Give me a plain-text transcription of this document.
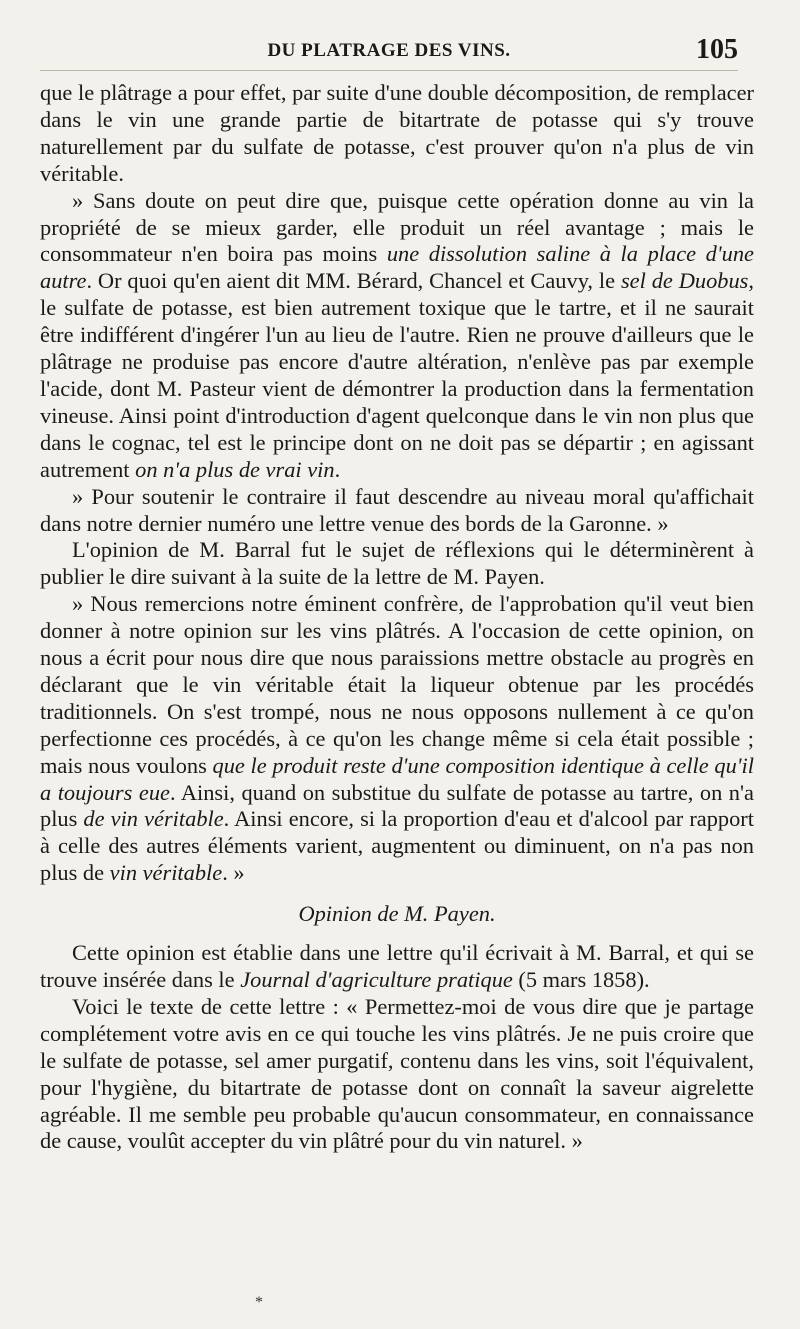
DU PLATRAGE DES VINS.	105

que le plâtrage a pour effet, par suite d'une double décomposition, de remplacer dans le vin une grande partie de bitartrate de potasse qui s'y trouve naturellement par du sulfate de potasse, c'est prouver qu'on n'a plus de vin véritable.

» Sans doute on peut dire que, puisque cette opération donne au vin la propriété de se mieux garder, elle produit un réel avantage ; mais le consommateur n'en boira pas moins une dissolution saline à la place d'une autre. Or quoi qu'en aient dit MM. Bérard, Chancel et Cauvy, le sel de Duobus, le sulfate de potasse, est bien autrement toxique que le tartre, et il ne saurait être indifférent d'ingérer l'un au lieu de l'autre. Rien ne prouve d'ailleurs que le plâtrage ne produise pas encore d'autre altération, n'enlève pas par exemple l'acide, dont M. Pasteur vient de démontrer la production dans la fermentation vineuse. Ainsi point d'introduction d'agent quelconque dans le vin non plus que dans le cognac, tel est le principe dont on ne doit pas se départir ; en agissant autrement on n'a plus de vrai vin.

» Pour soutenir le contraire il faut descendre au niveau moral qu'affichait dans notre dernier numéro une lettre venue des bords de la Garonne. »

L'opinion de M. Barral fut le sujet de réflexions qui le déterminèrent à publier le dire suivant à la suite de la lettre de M. Payen.

» Nous remercions notre éminent confrère, de l'approbation qu'il veut bien donner à notre opinion sur les vins plâtrés. A l'occasion de cette opinion, on nous a écrit pour nous dire que nous paraissions mettre obstacle au progrès en déclarant que le vin véritable était la liqueur obtenue par les procédés traditionnels. On s'est trompé, nous ne nous opposons nullement à ce qu'on perfectionne ces procédés, à ce qu'on les change même si cela était possible ; mais nous voulons que le produit reste d'une composition identique à celle qu'il a toujours eue. Ainsi, quand on substitue du sulfate de potasse au tartre, on n'a plus de vin véritable. Ainsi encore, si la proportion d'eau et d'alcool par rapport à celle des autres éléments varient, augmentent ou diminuent, on n'a pas non plus de vin véritable. »

Opinion de M. Payen.

Cette opinion est établie dans une lettre qu'il écrivait à M. Barral, et qui se trouve insérée dans le Journal d'agriculture pratique (5 mars 1858).

Voici le texte de cette lettre : « Permettez-moi de vous dire que je partage complétement votre avis en ce qui touche les vins plâtrés. Je ne puis croire que le sulfate de potasse, sel amer purgatif, contenu dans les vins, soit l'équivalent, pour l'hygiène, du bitartrate de potasse dont on connaît la saveur aigrelette agréable. Il me semble peu probable qu'aucun consommateur, en connaissance de cause, voulût accepter du vin plâtré pour du vin naturel. »

*
